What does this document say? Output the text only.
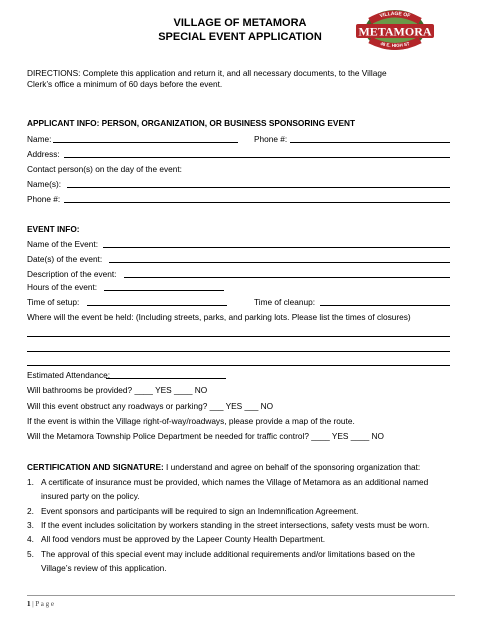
VILLAGE OF METAMORA
SPECIAL EVENT APPLICATION
VILLAGE OF
METAMORA
48 E. HIGH ST
DIRECTIONS: Complete this application and return it, and all necessary documents, to the Village
Clerk’s office a minimum of 60 days before the event.
APPLICANT INFO: PERSON, ORGANIZATION, OR BUSINESS SPONSORING EVENT
Name:	Phone #:
Address:
Contact person(s) on the day of the event:
Name(s):
Phone #:
EVENT INFO:
Name of the Event:
Date(s) of the event:
Description of the event:
Hours of the event:
Time of setup:	Time of cleanup:
Where will the event be held: (Including streets, parks, and parking lots. Please list the times of closures)
Estimated Attendance:
Will bathrooms be provided? ____ YES ____ NO
Will this event obstruct any roadways or parking? ___ YES ___ NO
If the event is within the Village right-of-way/roadways, please provide a map of the route.
Will the Metamora Township Police Department be needed for traffic control? ____ YES ____ NO
CERTIFICATION AND SIGNATURE: I understand and agree on behalf of the sponsoring organization that:
1. A certificate of insurance must be provided, which names the Village of Metamora as an additional named
insured party on the policy.
2. Event sponsors and participants will be required to sign an Indemnification Agreement.
3. If the event includes solicitation by workers standing in the street intersections, safety vests must be worn.
4. All food vendors must be approved by the Lapeer County Health Department.
5. The approval of this special event may include additional requirements and/or limitations based on the
Village’s review of this application.
1 | P a g e
